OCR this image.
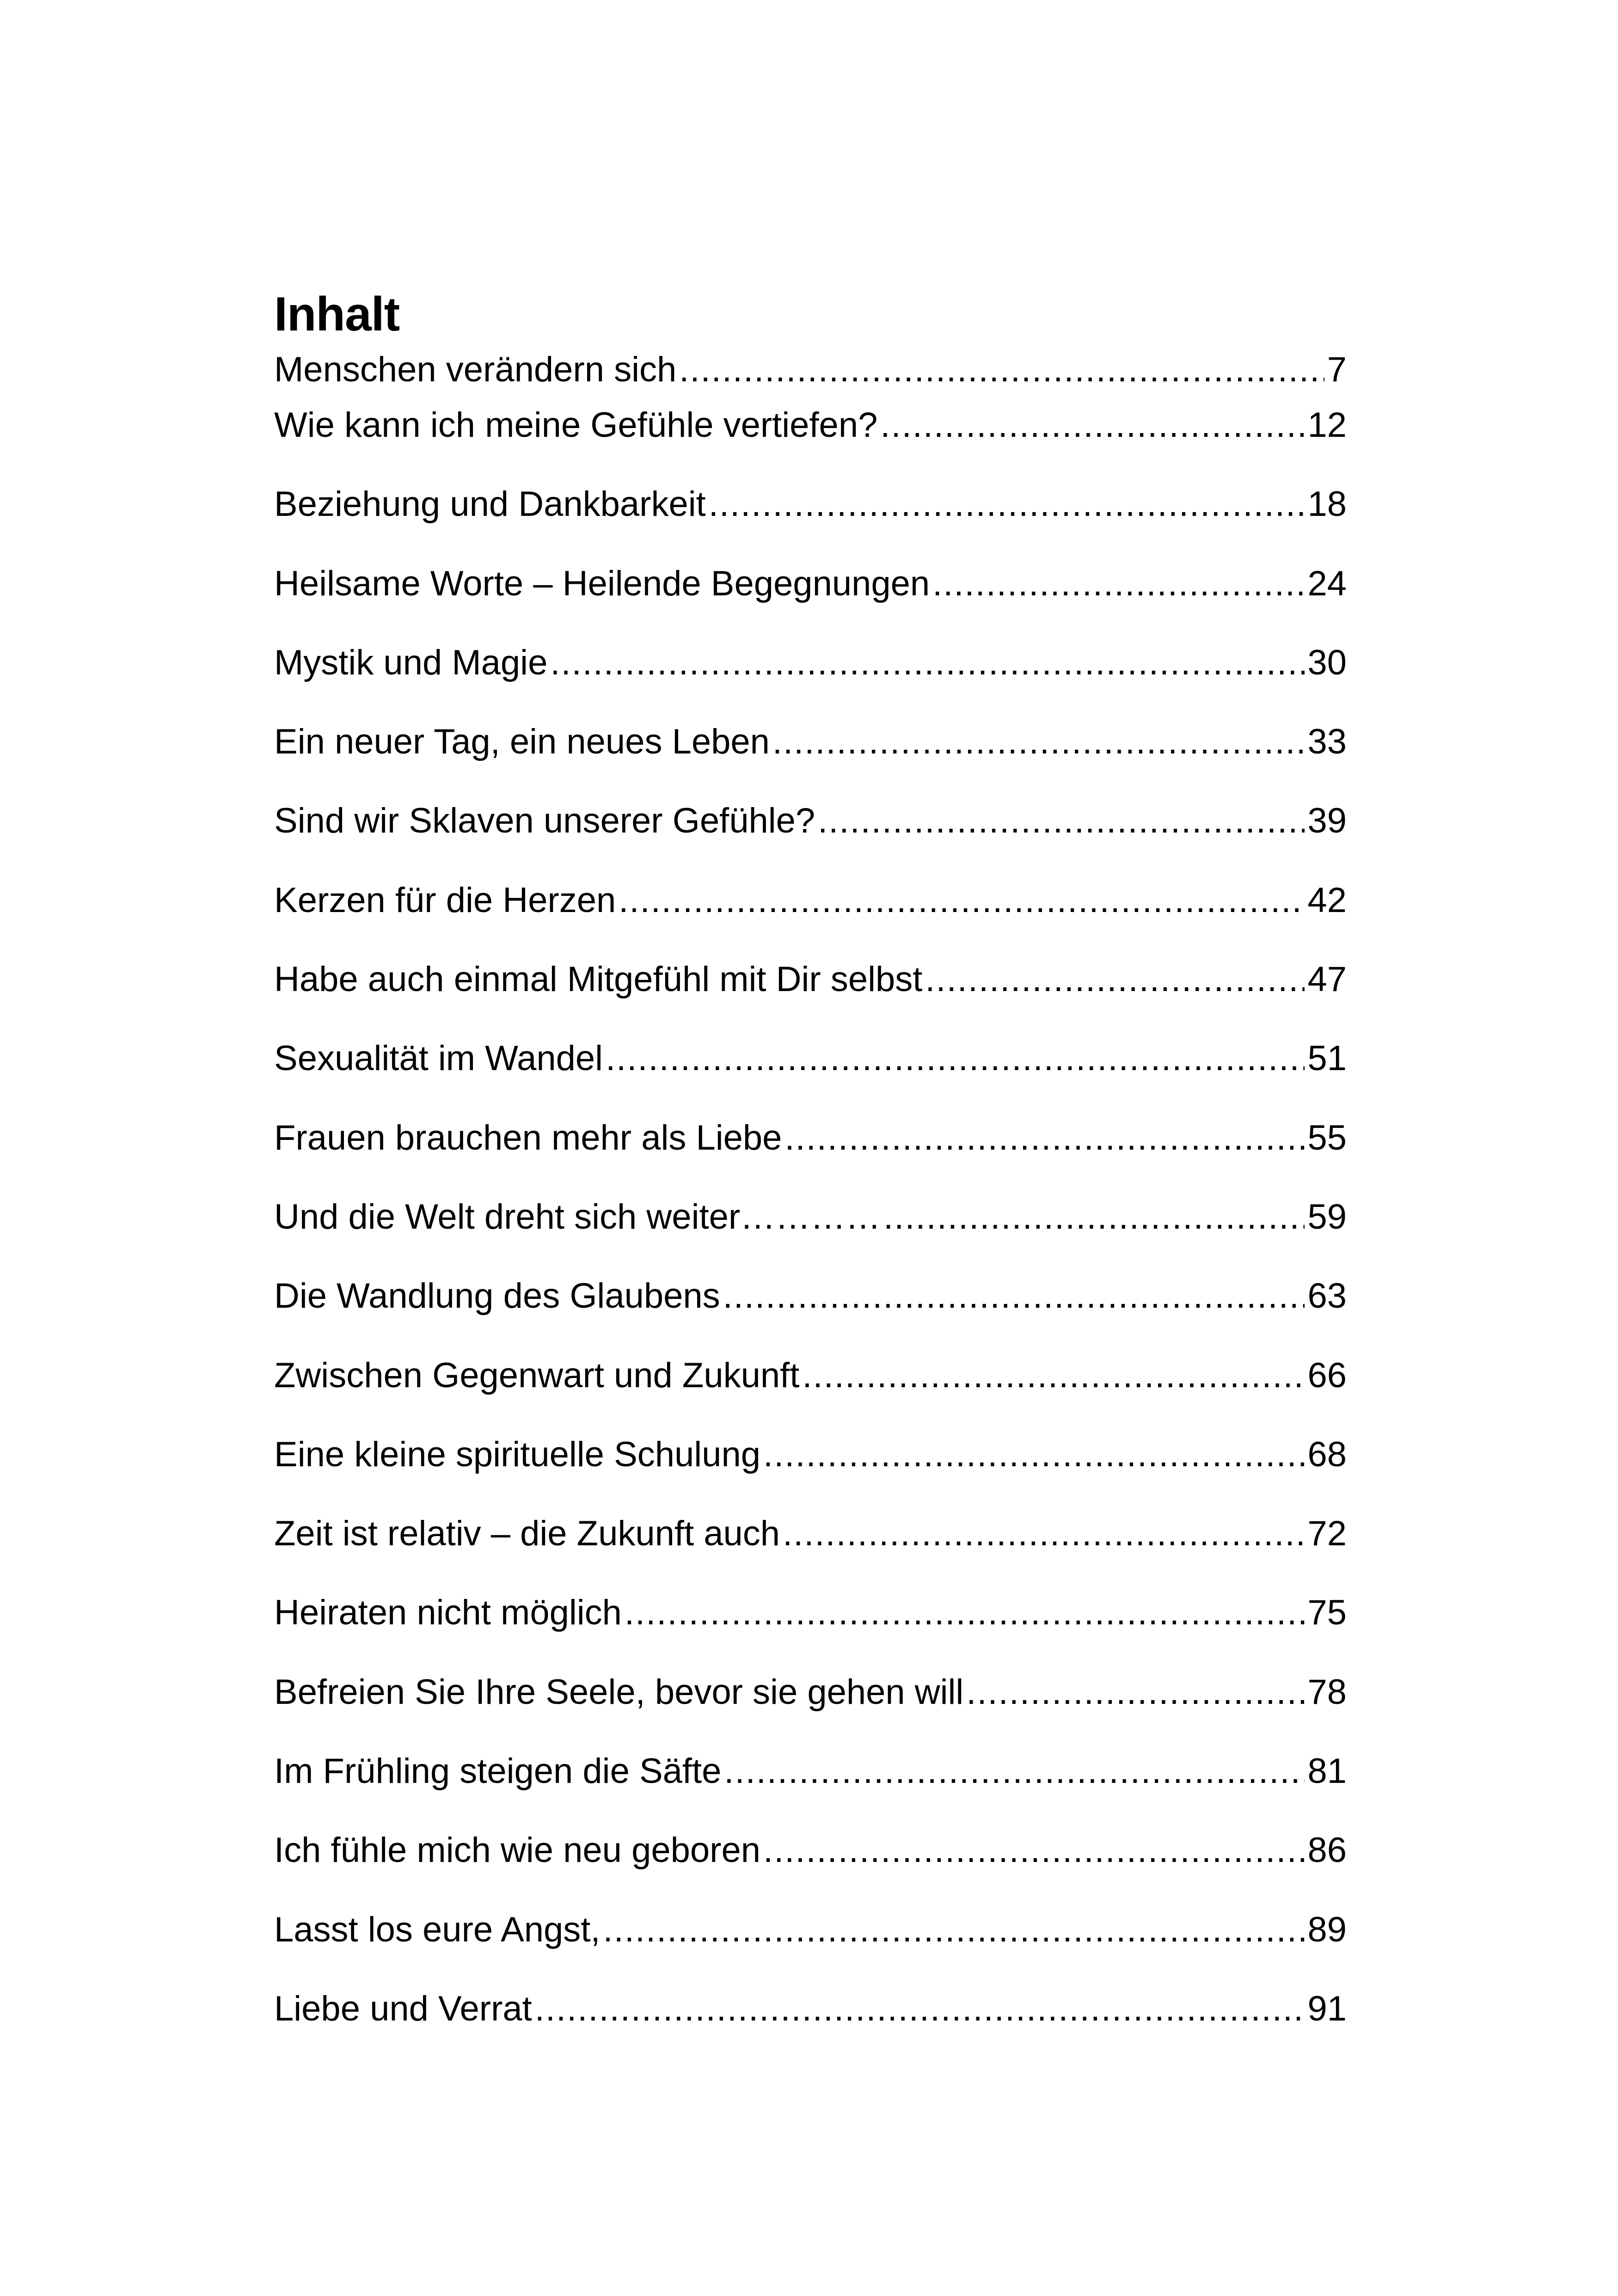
Inhalt
Menschen verändern sich .....	7
Wie kann ich meine Gefühle vertiefen? .....	12
Beziehung und Dankbarkeit .....	18
Heilsame Worte – Heilende Begegnungen .....	24
Mystik und Magie .....	30
Ein neuer Tag, ein neues Leben .....	33
Sind wir Sklaven unserer Gefühle? .....	39
Kerzen für die Herzen .....	42
Habe auch einmal Mitgefühl mit Dir selbst .....	47
Sexualität im Wandel .....	51
Frauen brauchen mehr als Liebe .....	55
Und die Welt dreht sich weiter………… .....	59
Die Wandlung des Glaubens .....	63
Zwischen Gegenwart und Zukunft .....	66
Eine kleine spirituelle Schulung .....	68
Zeit ist relativ – die Zukunft auch .....	72
Heiraten nicht möglich .....	75
Befreien Sie Ihre Seele, bevor sie gehen will .....	78
Im Frühling steigen die Säfte .....	81
Ich fühle mich wie neu geboren .....	86
Lasst los eure Angst, .....	89
Liebe und Verrat .....	91
